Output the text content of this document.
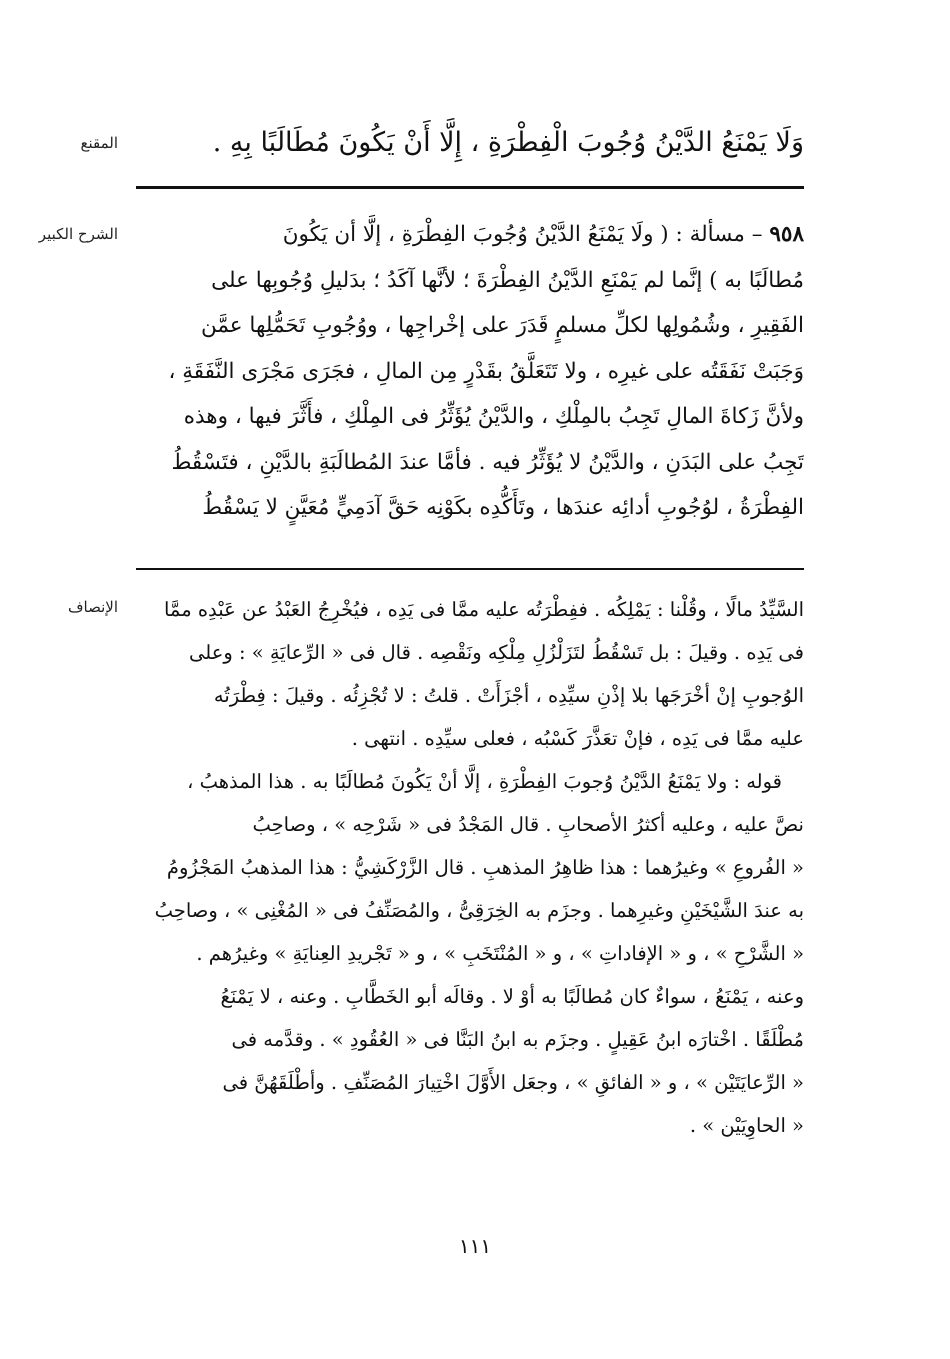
المقنع	وَلَا يَمْنَعُ الدَّيْنُ وُجُوبَ الْفِطْرَةِ ، إِلَّا أَنْ يَكُونَ مُطَالَبًا بِهِ .
الشرح الكبير	٩٥٨ – مسألة : ( ولَا يَمْنَعُ الدَّيْنُ وُجُوبَ الفِطْرَةِ ، إلَّا أن يَكُونَ
مُطالَبًا به ) إنَّما لم يَمْنَعِ الدَّيْنُ الفِطْرَةَ ؛ لأنَّها آكَدُ ؛ بدَليلِ وُجُوبِها على
الفَقِيرِ ، وشُمُولِها لكلِّ مسلمٍ قَدَرَ على إخْراجِها ، ووُجُوبِ تَحَمُّلِها عمَّن
وَجَبَتْ نَفَقَتُه على غيرِه ، ولا تَتَعَلَّقُ بقَدْرٍ مِن المالِ ، فجَرَى مَجْرَى النَّفَقَةِ ،
ولأنَّ زَكاةَ المالِ تَجِبُ بالمِلْكِ ، والدَّيْنُ يُؤَثِّرُ فى المِلْكِ ، فأَثَّرَ فيها ، وهذه
تَجِبُ على البَدَنِ ، والدَّيْنُ لا يُؤَثِّرُ فيه . فأمَّا عندَ المُطالَبَةِ بالدَّيْنِ ، فتَسْقُطُ
الفِطْرَةُ ، لوُجُوبِ أدائِه عندَها ، وتَأَكُّدِه بكَوْنِه حَقَّ آدَمِيٍّ مُعَيَّنٍ لا يَسْقُطُ
الإنصاف	السَّيِّدُ مالًا ، وقُلْنا : يَمْلِكُه . ففِطْرَتُه عليه ممَّا فى يَدِه ، فيُخْرِجُ العَبْدُ عن عَبْدِه ممَّا
فى يَدِه . وقيلَ : بل تَسْقُطُ لتَزَلْزُلِ مِلْكِه ونَقْصِه . قال فى « الرِّعايَةِ » : وعلى
الوُجوبِ إنْ أخْرَجَها بلا إذْنِ سيِّدِه ، أجْزَأَتْ . قلتُ : لا تُجْزِئُه . وقيلَ : فِطْرَتُه
عليه ممَّا فى يَدِه ، فإنْ تعَذَّرَ كَسْبُه ، فعلى سيِّدِه . انتهى .
قوله : ولا يَمْنَعُ الدَّيْنُ وُجوبَ الفِطْرَةِ ، إلَّا أنْ يَكُونَ مُطالَبًا به . هذا المذهبُ ،
نصَّ عليه ، وعليه أكثرُ الأصحابِ . قال المَجْدُ فى « شَرْحِه » ، وصاحِبُ
« الفُروعِ » وغيرُهما : هذا ظاهِرُ المذهبِ . قال الزَّرْكَشِيُّ : هذا المذهبُ المَجْزُومُ
به عندَ الشَّيْخَيْنِ وغيرِهما . وجزَم به الخِرَقِىُّ ، والمُصَنِّفُ فى « المُغْنِى » ، وصاحِبُ
« الشَّرْحِ » ، و « الإفاداتِ » ، و « المُنْتَخَبِ » ، و « تَجْريدِ العِنايَةِ » وغيرُهم .
وعنه ، يَمْنَعُ ، سواءٌ كان مُطالَبًا به أوْ لا . وقالَه أبو الخَطَّابِ . وعنه ، لا يَمْنَعُ
مُطْلَقًا . اخْتارَه ابنُ عَقِيلٍ . وجزَم به ابنُ البَنَّا فى « العُقُودِ » . وقدَّمه فى
« الرِّعايَتَيْن » ، و « الفائقِ » ، وجعَل الأَوَّلَ اخْتِيارَ المُصَنِّفِ . وأطْلَقَهُنَّ فى
« الحاوِيَيْن » .
١١١
